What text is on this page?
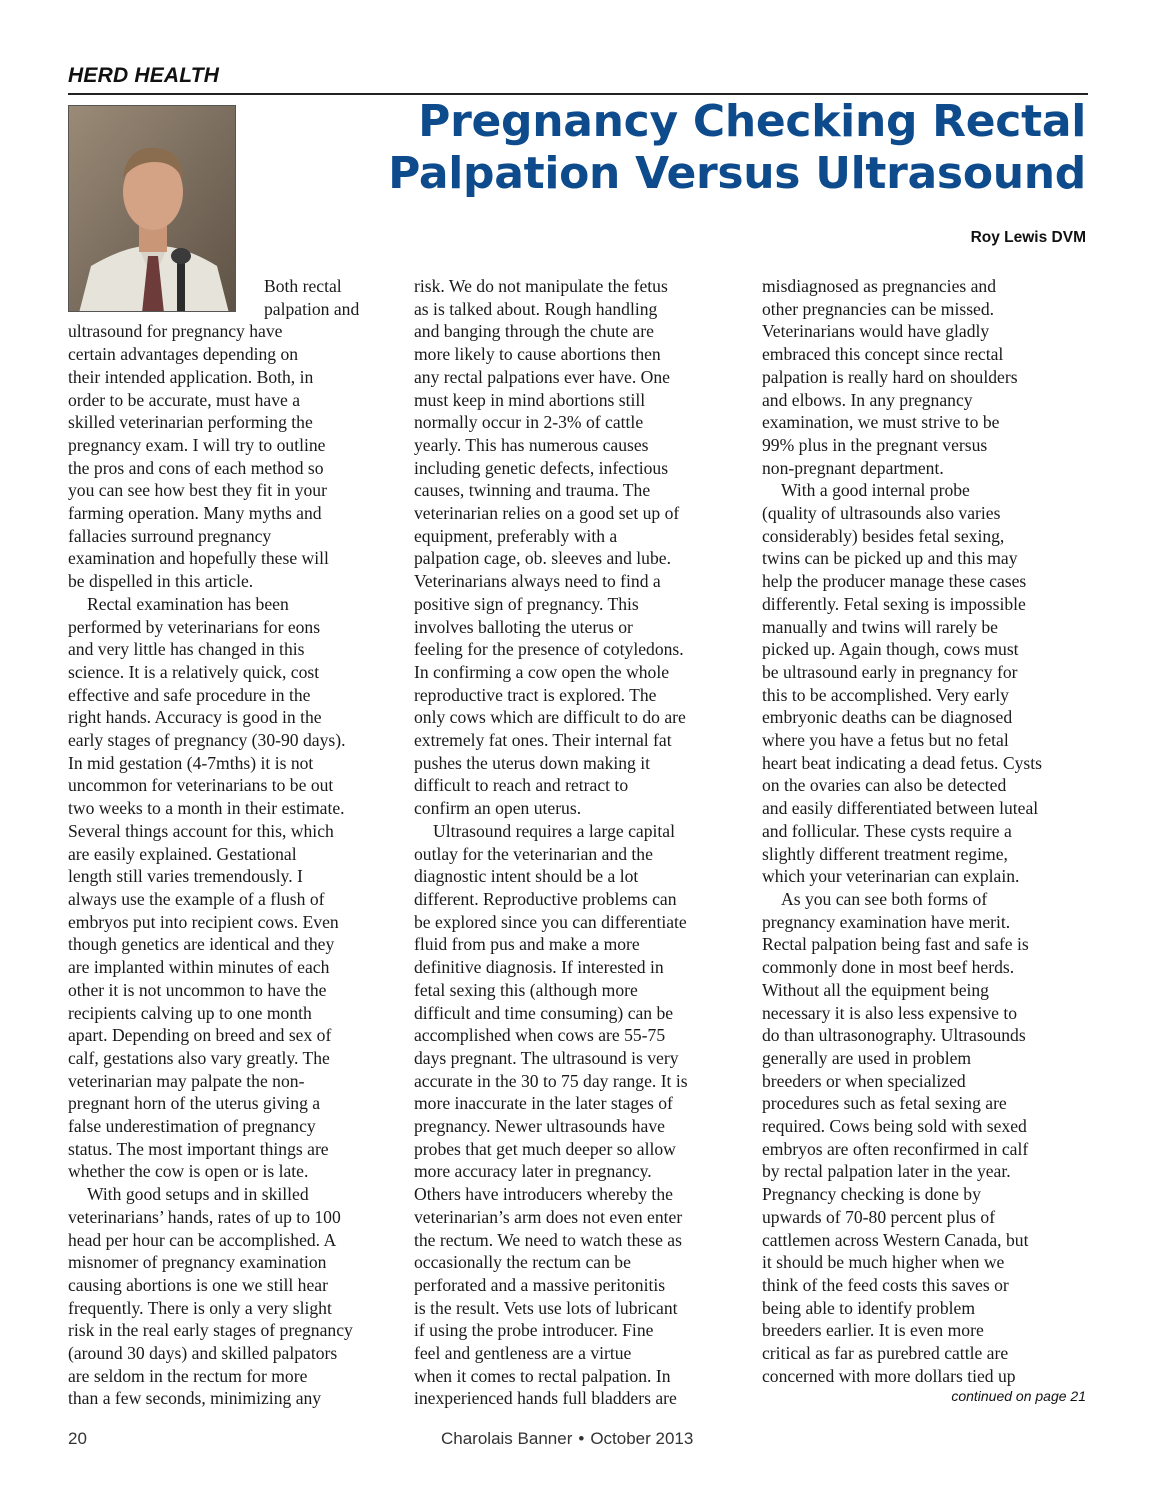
HERD HEALTH
Pregnancy Checking Rectal
Palpation Versus Ultrasound
Roy Lewis DVM

Both rectal

palpation and

ultrasound for pregnancy have

certain advantages depending on

their intended application. Both, in

order to be accurate, must have a

skilled veterinarian performing the

pregnancy exam. I will try to outline

the pros and cons of each method so

you can see how best they fit in your

farming operation. Many myths and

fallacies surround pregnancy

examination and hopefully these will

be dispelled in this article.

Rectal examination has been

performed by veterinarians for eons

and very little has changed in this

science. It is a relatively quick, cost

effective and safe procedure in the

right hands. Accuracy is good in the

early stages of pregnancy (30-90 days).

In mid gestation (4-7mths) it is not

uncommon for veterinarians to be out

two weeks to a month in their estimate.

Several things account for this, which

are easily explained. Gestational

length still varies tremendously. I

always use the example of a flush of

embryos put into recipient cows. Even

though genetics are identical and they

are implanted within minutes of each

other it is not uncommon to have the

recipients calving up to one month

apart. Depending on breed and sex of

calf, gestations also vary greatly. The

veterinarian may palpate the non-

pregnant horn of the uterus giving a

false underestimation of pregnancy

status. The most important things are

whether the cow is open or is late.

With good setups and in skilled

veterinarians’ hands, rates of up to 100

head per hour can be accomplished. A

misnomer of pregnancy examination

causing abortions is one we still hear

frequently. There is only a very slight

risk in the real early stages of pregnancy

(around 30 days) and skilled palpators

are seldom in the rectum for more

than a few seconds, minimizing any

risk. We do not manipulate the fetus

as is talked about. Rough handling

and banging through the chute are

more likely to cause abortions then

any rectal palpations ever have. One

must keep in mind abortions still

normally occur in 2-3% of cattle

yearly. This has numerous causes

including genetic defects, infectious

causes, twinning and trauma. The

veterinarian relies on a good set up of

equipment, preferably with a

palpation cage, ob. sleeves and lube.

Veterinarians always need to find a

positive sign of pregnancy. This

involves balloting the uterus or

feeling for the presence of cotyledons.

In confirming a cow open the whole

reproductive tract is explored. The

only cows which are difficult to do are

extremely fat ones. Their internal fat

pushes the uterus down making it

difficult to reach and retract to

confirm an open uterus.

Ultrasound requires a large capital

outlay for the veterinarian and the

diagnostic intent should be a lot

different. Reproductive problems can

be explored since you can differentiate

fluid from pus and make a more

definitive diagnosis. If interested in

fetal sexing this (although more

difficult and time consuming) can be

accomplished when cows are 55-75

days pregnant. The ultrasound is very

accurate in the 30 to 75 day range. It is

more inaccurate in the later stages of

pregnancy. Newer ultrasounds have

probes that get much deeper so allow

more accuracy later in pregnancy.

Others have introducers whereby the

veterinarian’s arm does not even enter

the rectum. We need to watch these as

occasionally the rectum can be

perforated and a massive peritonitis

is the result. Vets use lots of lubricant

if using the probe introducer. Fine

feel and gentleness are a virtue

when it comes to rectal palpation. In

inexperienced hands full bladders are

misdiagnosed as pregnancies and

other pregnancies can be missed.

Veterinarians would have gladly

embraced this concept since rectal

palpation is really hard on shoulders

and elbows. In any pregnancy

examination, we must strive to be

99% plus in the pregnant versus

non-pregnant department.

With a good internal probe

(quality of ultrasounds also varies

considerably) besides fetal sexing,

twins can be picked up and this may

help the producer manage these cases

differently. Fetal sexing is impossible

manually and twins will rarely be

picked up. Again though, cows must

be ultrasound early in pregnancy for

this to be accomplished. Very early

embryonic deaths can be diagnosed

where you have a fetus but no fetal

heart beat indicating a dead fetus. Cysts

on the ovaries can also be detected

and easily differentiated between luteal

and follicular. These cysts require a

slightly different treatment regime,

which your veterinarian can explain.

As you can see both forms of

pregnancy examination have merit.

Rectal palpation being fast and safe is

commonly done in most beef herds.

Without all the equipment being

necessary it is also less expensive to

do than ultrasonography. Ultrasounds

generally are used in problem

breeders or when specialized

procedures such as fetal sexing are

required. Cows being sold with sexed

embryos are often reconfirmed in calf

by rectal palpation later in the year.

Pregnancy checking is done by

upwards of 70-80 percent plus of

cattlemen across Western Canada, but

it should be much higher when we

think of the feed costs this saves or

being able to identify problem

breeders earlier. It is even more

critical as far as purebred cattle are

concerned with more dollars tied up

continued on page 21
20	Charolais Banner • October 2013
